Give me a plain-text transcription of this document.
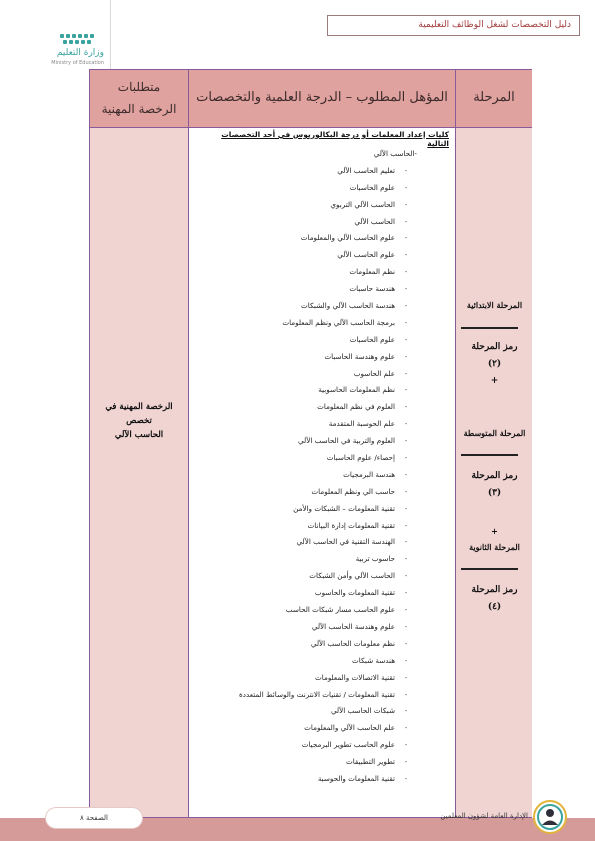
وزارة التعليم
Ministry of Education
دليل التخصصات لشغل الوظائف التعليمية
متطلبات
الرخصة المهنية
المؤهل المطلوب – الدرجة العلمية والتخصصات	المرحلة
الرخصة المهنية في
تخصص
الحاسب الآلي
كليات إعداد المعلمات أو درجة البكالوريوس في أحد التخصصات التالية
-الحاسب الآلي
-تعليم الحاسب الآلي
-علوم الحاسبات
-الحاسب الآلي التربوي
-الحاسب الآلي
-علوم الحاسب الآلي والمعلومات
-علوم الحاسب الآلي
-نظم المعلومات
-هندسة حاسبات
-هندسة الحاسب الآلي والشبكات
-برمجة الحاسب الآلي ونظم المعلومات
-علوم الحاسبات
-علوم وهندسة الحاسبات
-علم الحاسوب
-نظم المعلومات الحاسوبية
-العلوم في نظم المعلومات
-علم الحوسبة المتقدمة
-العلوم والتربية في الحاسب الآلي
-إحصاء/ علوم الحاسبات
-هندسة البرمجيات
-حاسب الي ونظم المعلومات
-تقنية المعلومات – الشبكات والأمن
-تقنية المعلومات إدارة البيانات
-الهندسة التقنية في الحاسب الآلي
-حاسوب تربية
-الحاسب الآلي وأمن الشبكات
-تقنية المعلومات والحاسوب
-علوم الحاسب مسار شبكات الحاسب
-علوم وهندسة الحاسب الآلي
-نظم معلومات الحاسب الآلي
-هندسة شبكات
-تقنية الاتصالات والمعلومات
-تقنية المعلومات / تقنيات الانترنت والوسائط المتعددة
-شبكات الحاسب الآلي
-علم الحاسب الآلي والمعلومات
-علوم الحاسب تطوير البرمجيات
-تطوير التطبيقات
-تقنية المعلومات والحوسبة
المرحلة الابتدائية
رمز المرحلة
(٢)
+
المرحلة المتوسطة
رمز المرحلة
(٣)
+
المرحلة الثانوية
رمز المرحلة
(٤)
الصفحة ٨	الإدارة العامة لشؤون المعلمين
